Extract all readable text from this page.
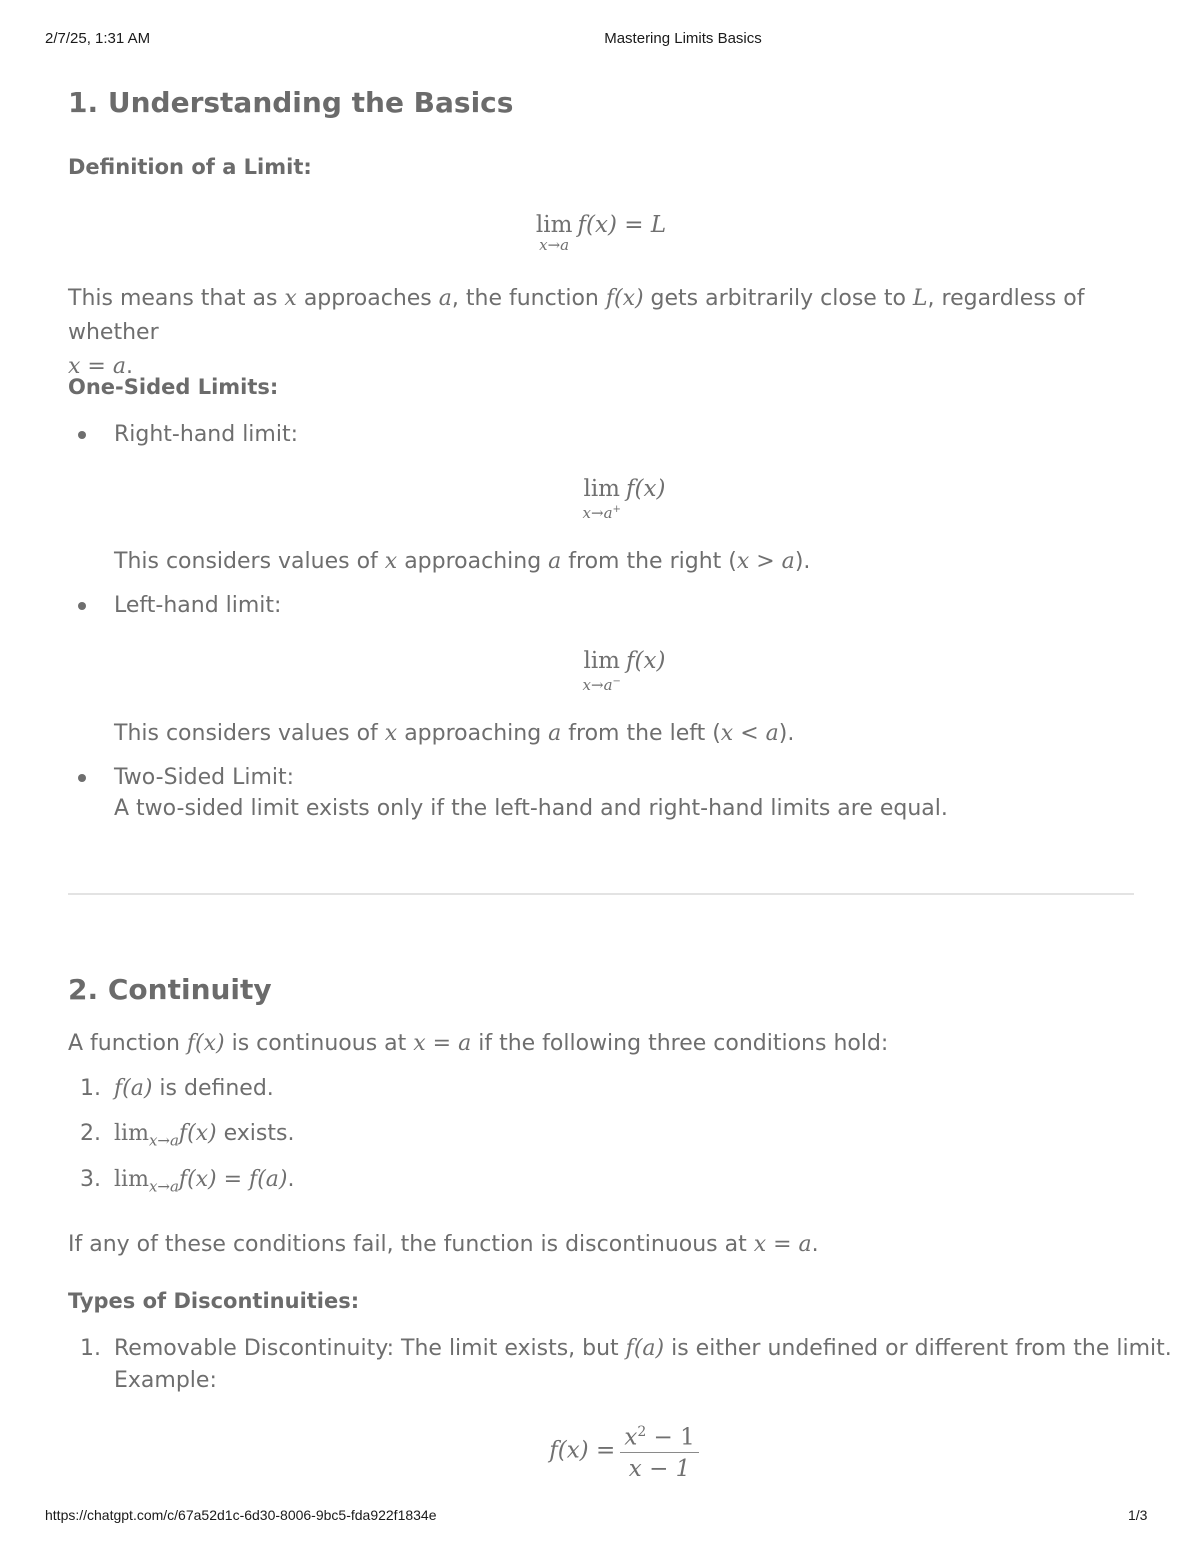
2/7/25, 1:31 AM	Mastering Limits Basics
1. Understanding the Basics
Definition of a Limit:
lim
x→a
f(x) = L
This means that as x approaches a, the function f(x) gets arbitrarily close to L, regardless of whether
x = a.
One-Sided Limits:
Right-hand limit:
lim
x→a+
f(x)
This considers values of x approaching a from the right (x > a).
Left-hand limit:
lim
x→a−
f(x)
This considers values of x approaching a from the left (x < a).
Two-Sided Limit:
A two-sided limit exists only if the left-hand and right-hand limits are equal.
2. Continuity
A function f(x) is continuous at x = a if the following three conditions hold:
1. f(a) is defined.
2. $\lim_{x\to a}f(x)$ exists.
3. $\lim_{x\to a}f(x) = f(a)$.
If any of these conditions fail, the function is discontinuous at x = a.
Types of Discontinuities:
1. Removable Discontinuity: The limit exists, but f(a) is either undefined or different from the limit.
Example:
$f(x) = \frac{x^2 - 1}{x - 1}$
https://chatgpt.com/c/67a52d1c-6d30-8006-9bc5-fda922f1834e	1/3
